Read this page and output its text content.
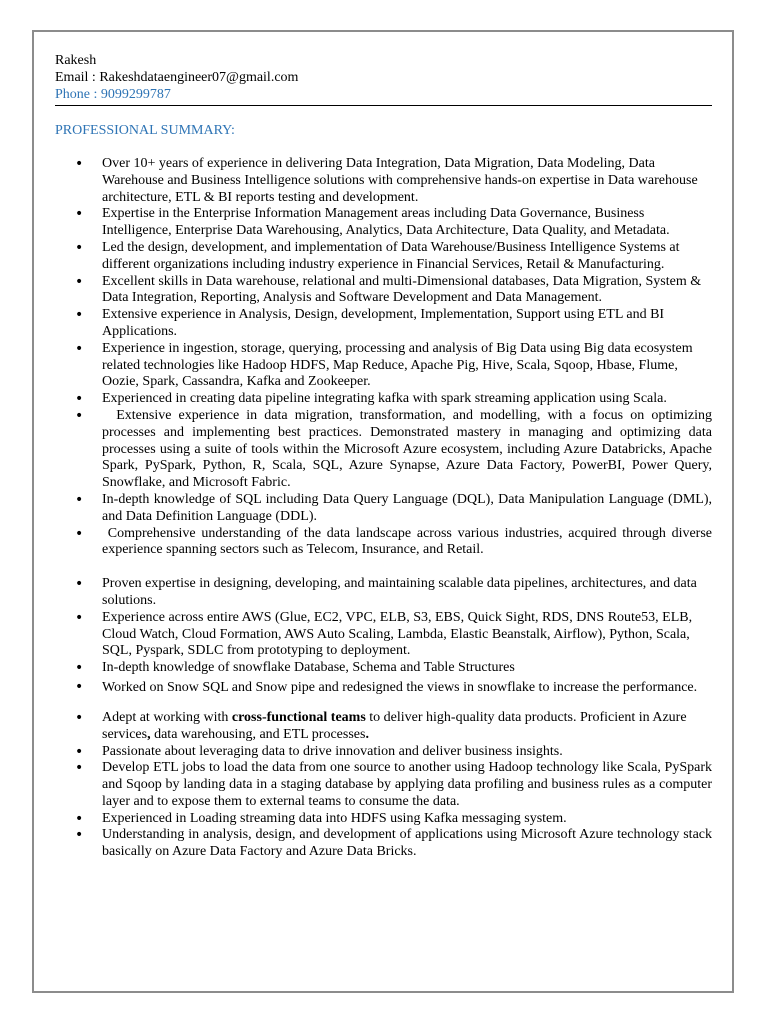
Rakesh
Email : Rakeshdataengineer07@gmail.com
Phone : 9099299787
PROFESSIONAL SUMMARY:
• Over 10+ years of experience in delivering Data Integration, Data Migration, Data Modeling, Data Warehouse and Business Intelligence solutions with comprehensive hands-on expertise in Data warehouse architecture, ETL & BI reports testing and development.
• Expertise in the Enterprise Information Management areas including Data Governance, Business Intelligence, Enterprise Data Warehousing, Analytics, Data Architecture, Data Quality, and Metadata.
• Led the design, development, and implementation of Data Warehouse/Business Intelligence Systems at different organizations including industry experience in Financial Services, Retail & Manufacturing.
• Excellent skills in Data warehouse, relational and multi-Dimensional databases, Data Migration, System & Data Integration, Reporting, Analysis and Software Development and Data Management.
• Extensive experience in Analysis, Design, development, Implementation, Support using ETL and BI Applications.
• Experience in ingestion, storage, querying, processing and analysis of Big Data using Big data ecosystem related technologies like Hadoop HDFS, Map Reduce, Apache Pig, Hive, Scala, Sqoop, Hbase, Flume, Oozie, Spark, Cassandra, Kafka and Zookeeper.
• Experienced in creating data pipeline integrating kafka with spark streaming application using Scala.
• Extensive experience in data migration, transformation, and modelling, with a focus on optimizing processes and implementing best practices. Demonstrated mastery in managing and optimizing data processes using a suite of tools within the Microsoft Azure ecosystem, including Azure Databricks, Apache Spark, PySpark, Python, R, Scala, SQL, Azure Synapse, Azure Data Factory, PowerBI, Power Query, Snowflake, and Microsoft Fabric.
• In-depth knowledge of SQL including Data Query Language (DQL), Data Manipulation Language (DML), and Data Definition Language (DDL).
• Comprehensive understanding of the data landscape across various industries, acquired through diverse experience spanning sectors such as Telecom, Insurance, and Retail.
• Proven expertise in designing, developing, and maintaining scalable data pipelines, architectures, and data solutions.
• Experience across entire AWS (Glue, EC2, VPC, ELB, S3, EBS, Quick Sight, RDS, DNS Route53, ELB, Cloud Watch, Cloud Formation, AWS Auto Scaling, Lambda, Elastic Beanstalk, Airflow), Python, Scala, SQL, Pyspark, SDLC from prototyping to deployment.
• In-depth knowledge of snowflake Database, Schema and Table Structures
• Worked on Snow SQL and Snow pipe and redesigned the views in snowflake to increase the performance.
• Adept at working with cross-functional teams to deliver high-quality data products. Proficient in Azure services, data warehousing, and ETL processes.
• Passionate about leveraging data to drive innovation and deliver business insights.
• Develop ETL jobs to load the data from one source to another using Hadoop technology like Scala, PySpark and Sqoop by landing data in a staging database by applying data profiling and business rules as a computer layer and to expose them to external teams to consume the data.
• Experienced in Loading streaming data into HDFS using Kafka messaging system.
• Understanding in analysis, design, and development of applications using Microsoft Azure technology stack basically on Azure Data Factory and Azure Data Bricks.
